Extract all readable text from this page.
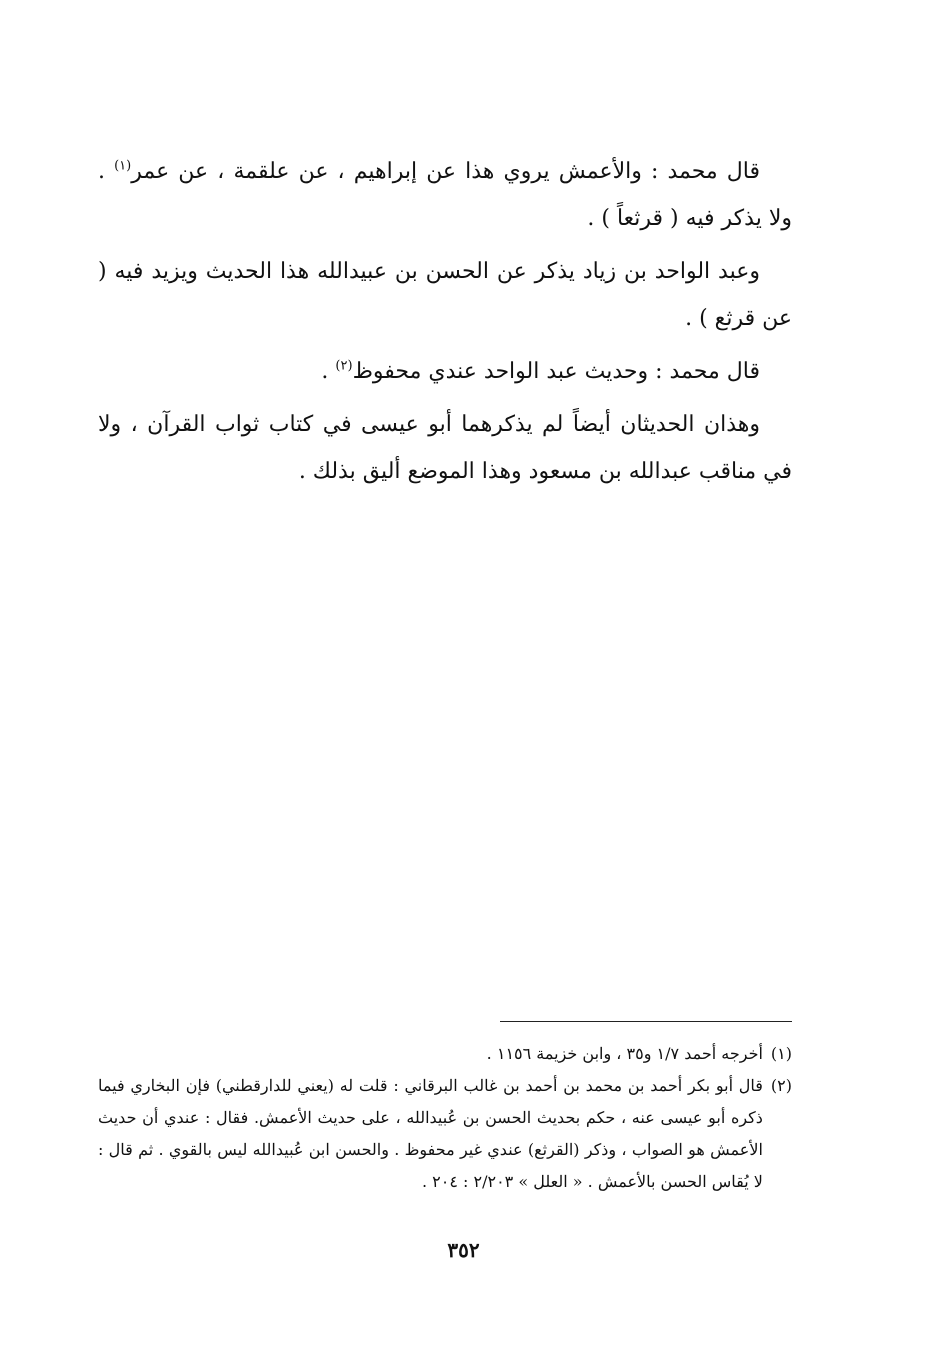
قال محمد : والأعمش يروي هذا عن إبراهيم ، عن علقمة ، عن عمر$^{(١)}$ . ولا يذكر فيه ( قرثعاً ) .

وعبد الواحد بن زياد يذكر عن الحسن بن عبيدالله هذا الحديث ويزيد فيه ( عن قرثع ) .

قال محمد : وحديث عبد الواحد عندي محفوظ$^{(٢)}$ .

وهذان الحديثان أيضاً لم يذكرهما أبو عيسى في كتاب ثواب القرآن ، ولا في مناقب عبدالله بن مسعود وهذا الموضع أليق بذلك .

(١)
أخرجه أحمد ١/٧ و٣٥ ، وابن خزيمة ١١٥٦ .
(٢)
قال أبو بكر أحمد بن محمد بن أحمد بن غالب البرقاني : قلت له (يعني للدارقطني) فإن البخاري فيما ذكره أبو عيسى عنه ، حكم بحديث الحسن بن عُبيدالله ، على حديث الأعمش. فقال : عندي أن حديث الأعمش هو الصواب ، وذكر (القرثع) عندي غير محفوظ . والحسن ابن عُبيدالله ليس بالقوي . ثم قال : لا يُقاس الحسن بالأعمش . « العلل » ٢/٢٠٣ : ٢٠٤ .
٣٥٢
